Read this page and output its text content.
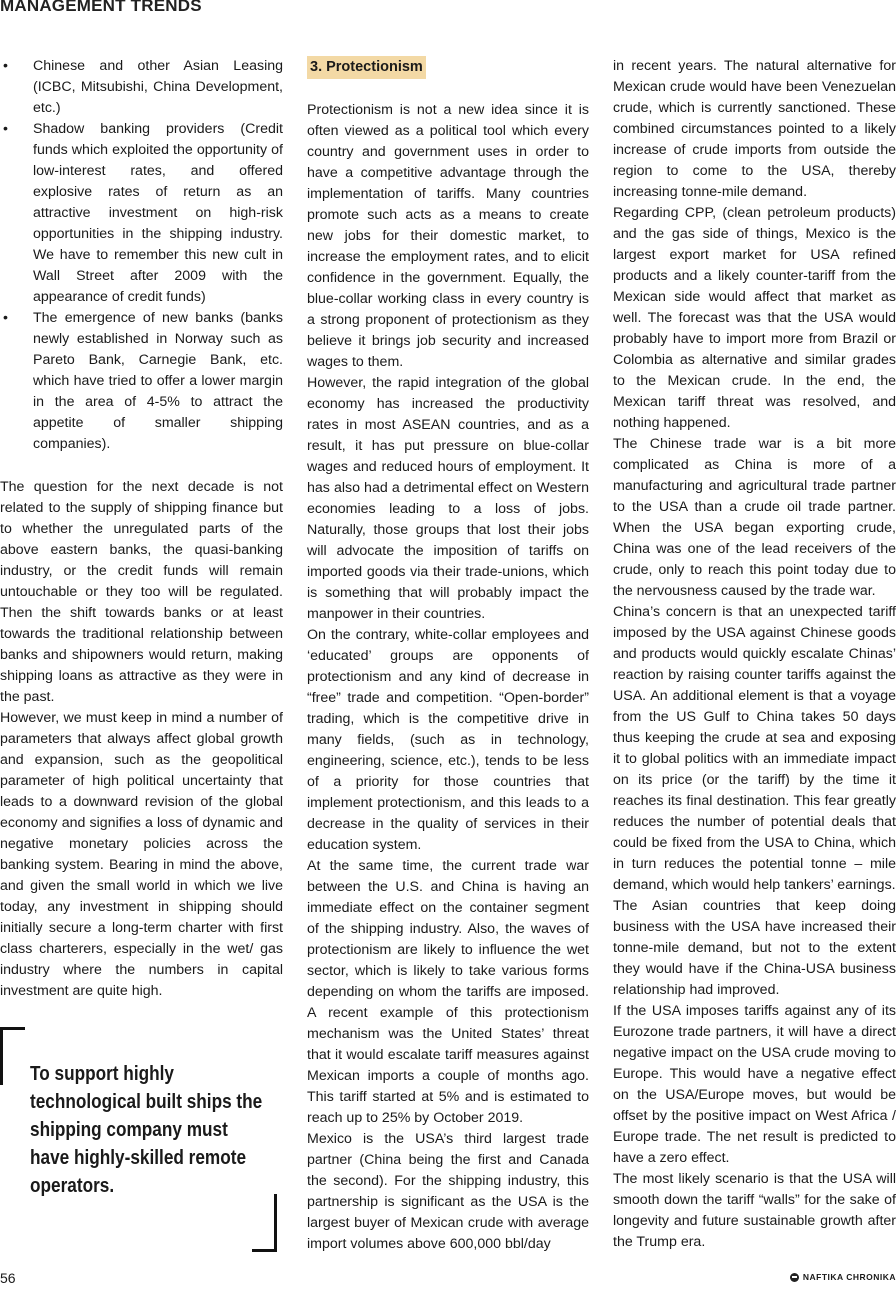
MANAGEMENT TRENDS
• Chinese and other Asian Leasing (ICBC, Mitsubishi, China Development, etc.)
• Shadow banking providers (Credit funds which exploited the opportunity of low-interest rates, and offered explosive rates of return as an attractive investment on high-risk opportunities in the shipping industry. We have to remember this new cult in Wall Street after 2009 with the appearance of credit funds)
• The emergence of new banks (banks newly established in Norway such as Pareto Bank, Carnegie Bank, etc. which have tried to offer a lower margin in the area of 4-5% to attract the appetite of smaller shipping companies).

The question for the next decade is not related to the supply of shipping finance but to whether the unregulated parts of the above eastern banks, the quasi-banking industry, or the credit funds will remain untouchable or they too will be regulated. Then the shift towards banks or at least towards the traditional relationship between banks and shipowners would return, making shipping loans as attractive as they were in the past.

However, we must keep in mind a number of parameters that always affect global growth and expansion, such as the geopolitical parameter of high political uncertainty that leads to a downward revision of the global economy and signifies a loss of dynamic and negative monetary policies across the banking system. Bearing in mind the above, and given the small world in which we live today, any investment in shipping should initially secure a long-term charter with first class charterers, especially in the wet/ gas industry where the numbers in capital investment are quite high.

To support highly technological built ships the shipping company must have highly-skilled remote operators.
3. Protectionism

Protectionism is not a new idea since it is often viewed as a political tool which every country and government uses in order to have a competitive advantage through the implementation of tariffs. Many countries promote such acts as a means to create new jobs for their domestic market, to increase the employment rates, and to elicit confidence in the government. Equally, the blue-collar working class in every country is a strong proponent of protectionism as they believe it brings job security and increased wages to them.

However, the rapid integration of the global economy has increased the productivity rates in most ASEAN countries, and as a result, it has put pressure on blue-collar wages and reduced hours of employment. It has also had a detrimental effect on Western economies leading to a loss of jobs. Naturally, those groups that lost their jobs will advocate the imposition of tariffs on imported goods via their trade-unions, which is something that will probably impact the manpower in their countries.

On the contrary, white-collar employees and ‘educated’ groups are opponents of protectionism and any kind of decrease in “free” trade and competition. “Open-border” trading, which is the competitive drive in many fields, (such as in technology, engineering, science, etc.), tends to be less of a priority for those countries that implement protectionism, and this leads to a decrease in the quality of services in their education system.

At the same time, the current trade war between the U.S. and China is having an immediate effect on the container segment of the shipping industry. Also, the waves of protectionism are likely to influence the wet sector, which is likely to take various forms depending on whom the tariffs are imposed. A recent example of this protectionism mechanism was the United States’ threat that it would escalate tariff measures against Mexican imports a couple of months ago. This tariff started at 5% and is estimated to reach up to 25% by October 2019.

Mexico is the USA’s third largest trade partner (China being the first and Canada the second). For the shipping industry, this partnership is significant as the USA is the largest buyer of Mexican crude with average import volumes above 600,000 bbl/day

in recent years. The natural alternative for Mexican crude would have been Venezuelan crude, which is currently sanctioned. These combined circumstances pointed to a likely increase of crude imports from outside the region to come to the USA, thereby increasing tonne-mile demand.

Regarding CPP, (clean petroleum products) and the gas side of things, Mexico is the largest export market for USA refined products and a likely counter-tariff from the Mexican side would affect that market as well. The forecast was that the USA would probably have to import more from Brazil or Colombia as alternative and similar grades to the Mexican crude. In the end, the Mexican tariff threat was resolved, and nothing happened.

The Chinese trade war is a bit more complicated as China is more of a manufacturing and agricultural trade partner to the USA than a crude oil trade partner. When the USA began exporting crude, China was one of the lead receivers of the crude, only to reach this point today due to the nervousness caused by the trade war.

China’s concern is that an unexpected tariff imposed by the USA against Chinese goods and products would quickly escalate Chinas’ reaction by raising counter tariffs against the USA. An additional element is that a voyage from the US Gulf to China takes 50 days thus keeping the crude at sea and exposing it to global politics with an immediate impact on its price (or the tariff) by the time it reaches its final destination. This fear greatly reduces the number of potential deals that could be fixed from the USA to China, which in turn reduces the potential tonne – mile demand, which would help tankers’ earnings.

The Asian countries that keep doing business with the USA have increased their tonne-mile demand, but not to the extent they would have if the China-USA business relationship had improved.

If the USA imposes tariffs against any of its Eurozone trade partners, it will have a direct negative impact on the USA crude moving to Europe. This would have a negative effect on the USA/Europe moves, but would be offset by the positive impact on West Africa / Europe trade. The net result is predicted to have a zero effect.

The most likely scenario is that the USA will smooth down the tariff “walls” for the sake of longevity and future sustainable growth after the Trump era.

56	NAFTIKA CHRONIKA
